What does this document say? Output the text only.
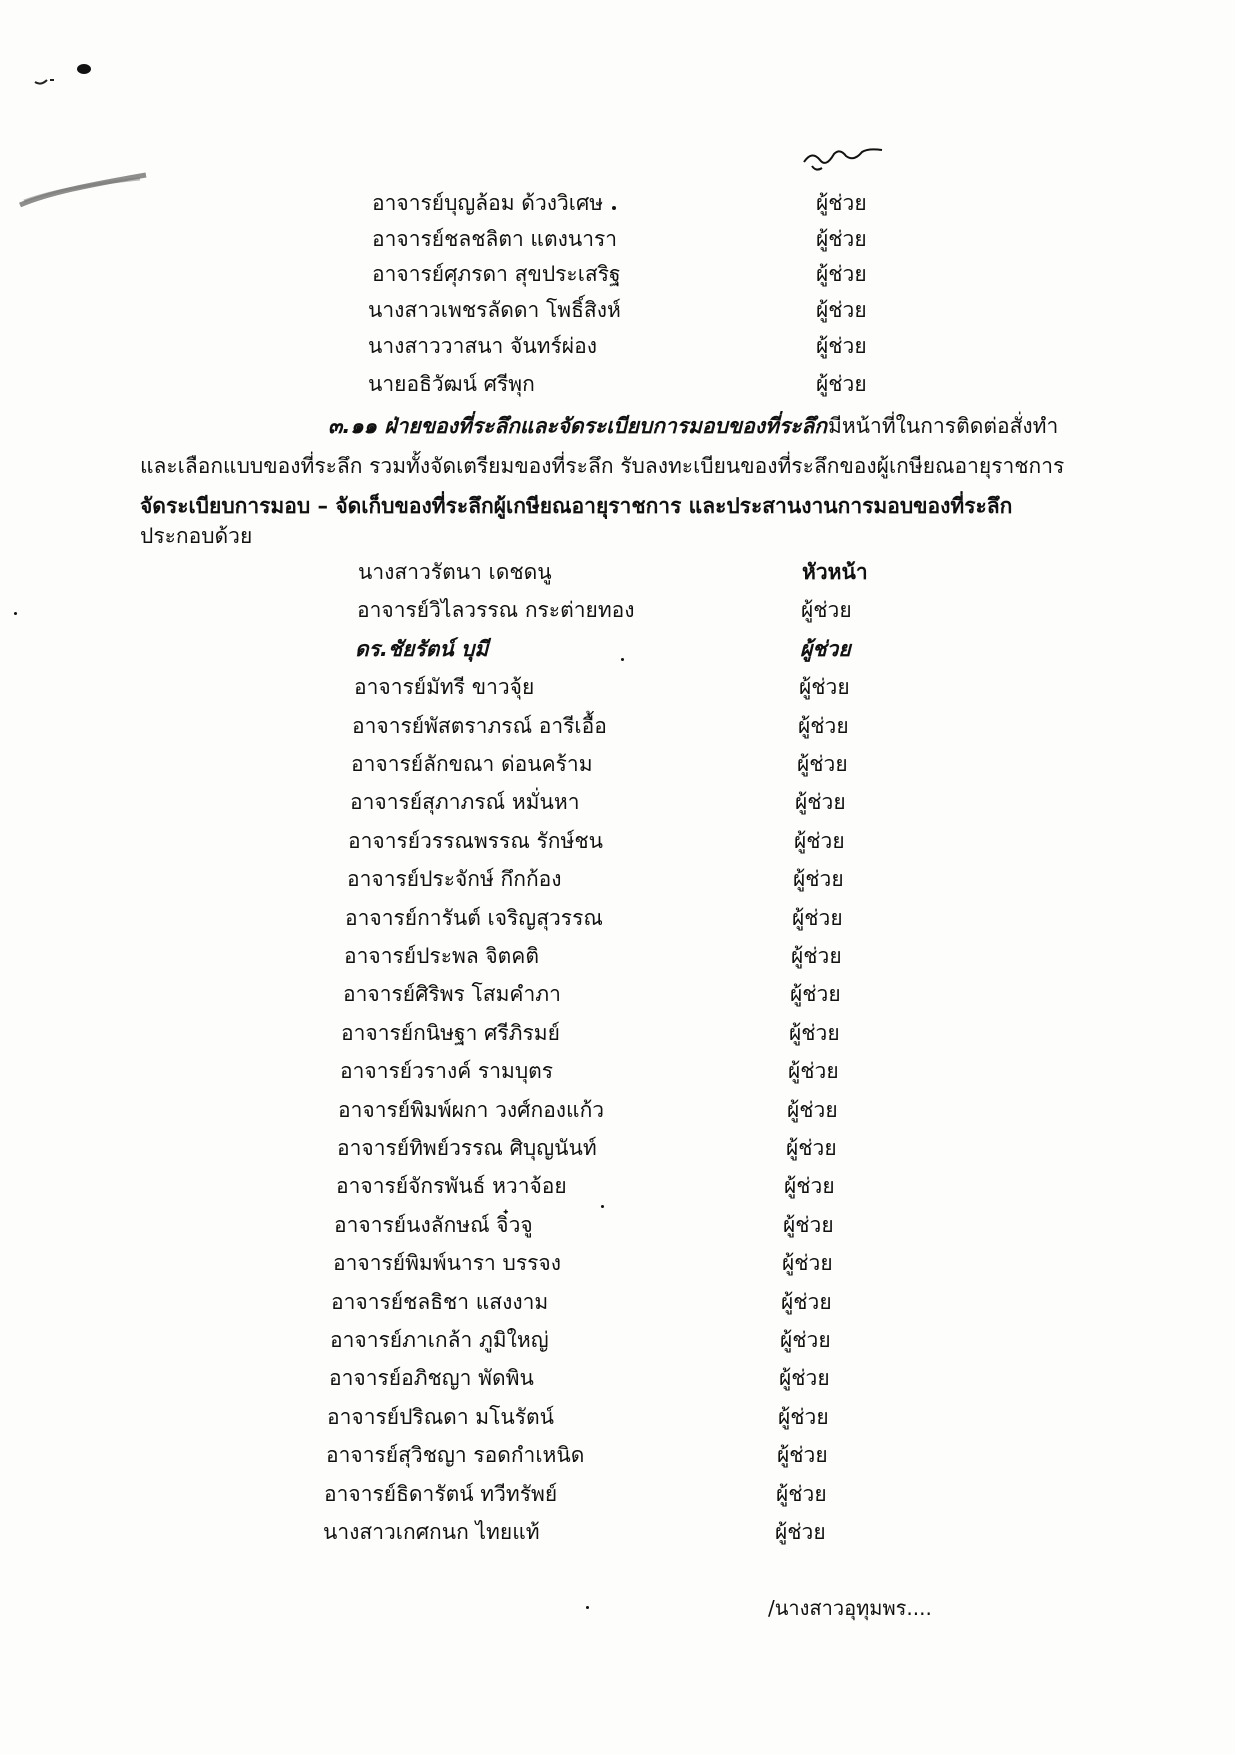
อาจารย์บุญล้อม ด้วงวิเศษ	ผู้ช่วย
อาจารย์ชลชลิตา แตงนารา	ผู้ช่วย
อาจารย์ศุภรดา สุขประเสริฐ	ผู้ช่วย
นางสาวเพชรลัดดา โพธิ์สิงห์	ผู้ช่วย
นางสาววาสนา จันทร์ผ่อง	ผู้ช่วย
นายอธิวัฒน์ ศรีพุก	ผู้ช่วย
๓.๑๑ ฝ่ายของที่ระลึกและจัดระเบียบการมอบของที่ระลึก มีหน้าที่ในการติดต่อสั่งทำ
และเลือกแบบของที่ระลึก รวมทั้งจัดเตรียมของที่ระลึก รับลงทะเบียนของที่ระลึกของผู้เกษียณอายุราชการ
จัดระเบียบการมอบ – จัดเก็บของที่ระลึกผู้เกษียณอายุราชการ และประสานงานการมอบของที่ระลึก
ประกอบด้วย
นางสาวรัตนา เดชดนู	หัวหน้า
อาจารย์วิไลวรรณ กระต่ายทอง	ผู้ช่วย
ดร.ชัยรัตน์ บุมี	ผู้ช่วย
อาจารย์มัทรี ขาวจุ้ย	ผู้ช่วย
อาจารย์พัสตราภรณ์ อารีเอื้อ	ผู้ช่วย
อาจารย์ลักขณา ด่อนคร้าม	ผู้ช่วย
อาจารย์สุภาภรณ์ หมั่นหา	ผู้ช่วย
อาจารย์วรรณพรรณ รักษ์ชน	ผู้ช่วย
อาจารย์ประจักษ์ กึกก้อง	ผู้ช่วย
อาจารย์การันต์ เจริญสุวรรณ	ผู้ช่วย
อาจารย์ประพล จิตคติ	ผู้ช่วย
อาจารย์ศิริพร โสมคำภา	ผู้ช่วย
อาจารย์กนิษฐา ศรีภิรมย์	ผู้ช่วย
อาจารย์วรางค์ รามบุตร	ผู้ช่วย
อาจารย์พิมพ์ผกา วงศ์กองแก้ว	ผู้ช่วย
อาจารย์ทิพย์วรรณ ศิบุญนันท์	ผู้ช่วย
อาจารย์จักรพันธ์ หวาจ้อย	ผู้ช่วย
อาจารย์นงลักษณ์ จิ๋วจู	ผู้ช่วย
อาจารย์พิมพ์นารา บรรจง	ผู้ช่วย
อาจารย์ชลธิชา แสงงาม	ผู้ช่วย
อาจารย์ภาเกล้า ภูมิใหญ่	ผู้ช่วย
อาจารย์อภิชญา พัดพิน	ผู้ช่วย
อาจารย์ปริณดา มโนรัตน์	ผู้ช่วย
อาจารย์สุวิชญา รอดกำเหนิด	ผู้ช่วย
อาจารย์ธิดารัตน์ ทวีทรัพย์	ผู้ช่วย
นางสาวเกศกนก ไทยแท้	ผู้ช่วย
/นางสาวอุทุมพร....
